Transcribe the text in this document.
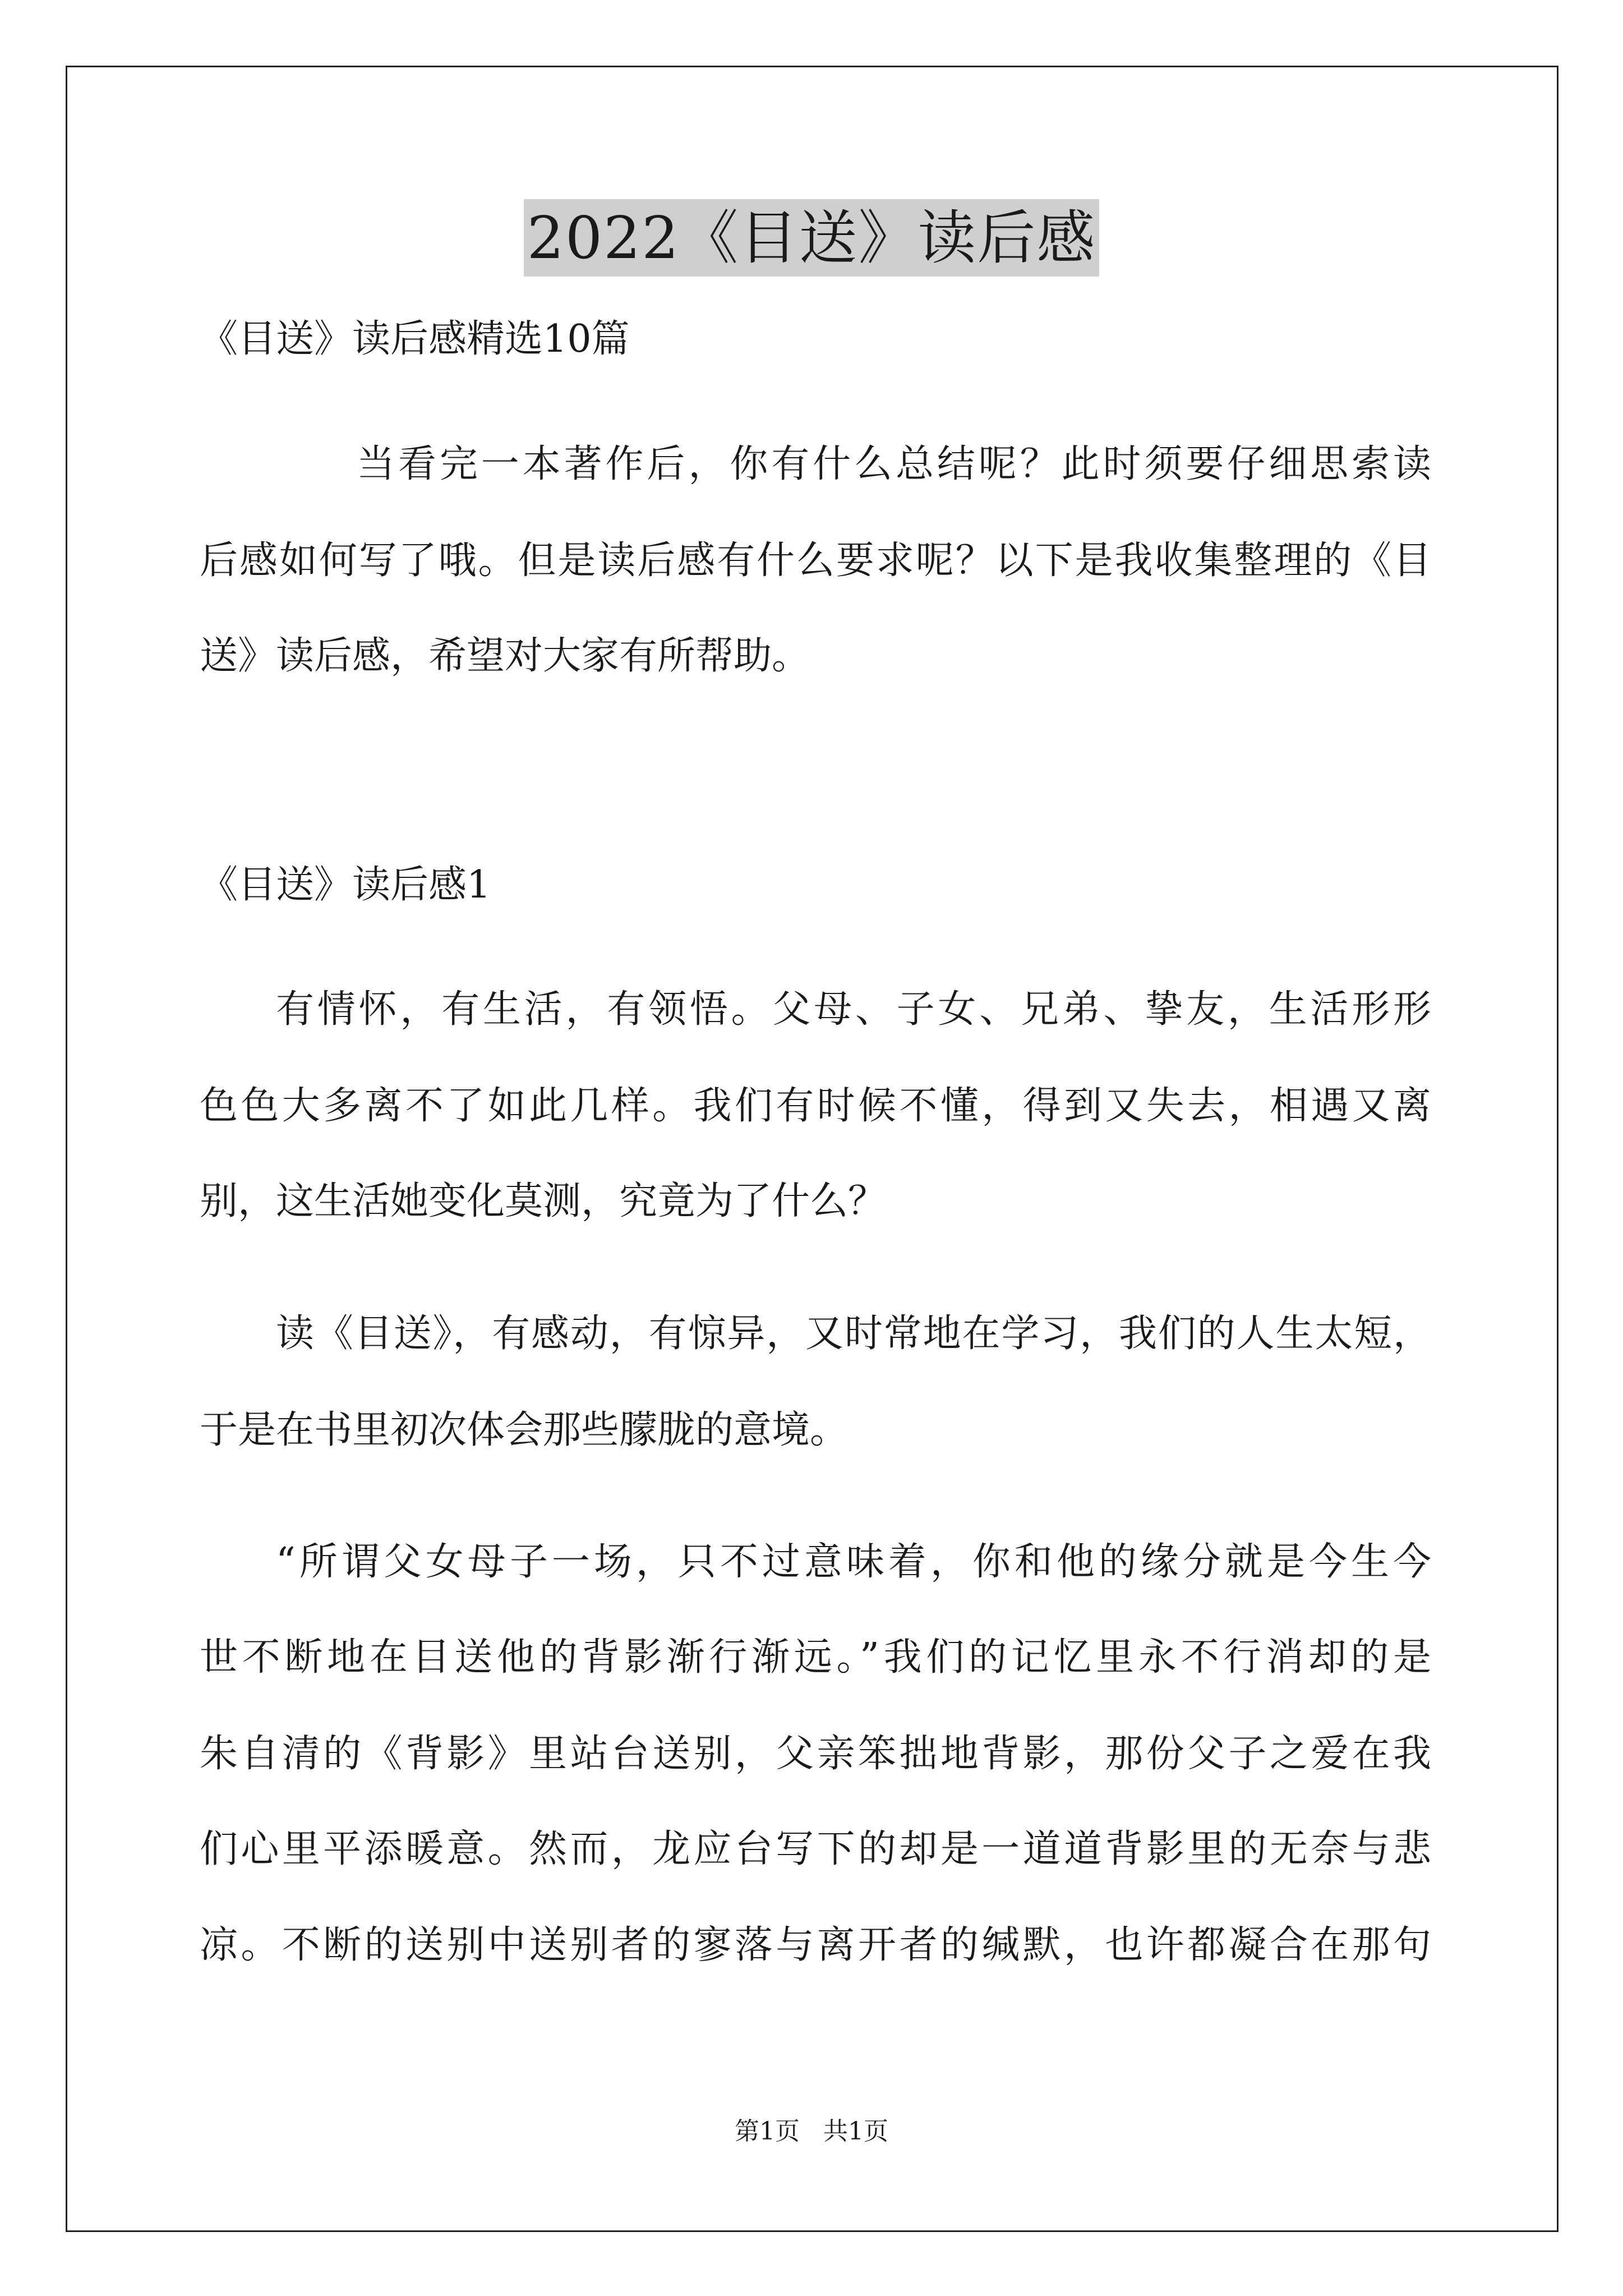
2022《目送》读后感
《目送》读后感精选10篇
当看完一本著作后，你有什么总结呢？此时须要仔细思索读
后感如何写了哦。但是读后感有什么要求呢？以下是我收集整理的《目
送》读后感，希望对大家有所帮助。
《目送》读后感1
有情怀，有生活，有领悟。父母、子女、兄弟、挚友，生活形形
色色大多离不了如此几样。我们有时候不懂，得到又失去，相遇又离
别，这生活她变化莫测，究竟为了什么？
读《目送》，有感动，有惊异，又时常地在学习，我们的人生太短，
于是在书里初次体会那些朦胧的意境。
“所谓父女母子一场，只不过意味着，你和他的缘分就是今生今
世不断地在目送他的背影渐行渐远。”我们的记忆里永不行消却的是
朱自清的《背影》里站台送别，父亲笨拙地背影，那份父子之爱在我
们心里平添暖意。然而，龙应台写下的却是一道道背影里的无奈与悲
凉。不断的送别中送别者的寥落与离开者的缄默，也许都凝合在那句
第1页   共1页
